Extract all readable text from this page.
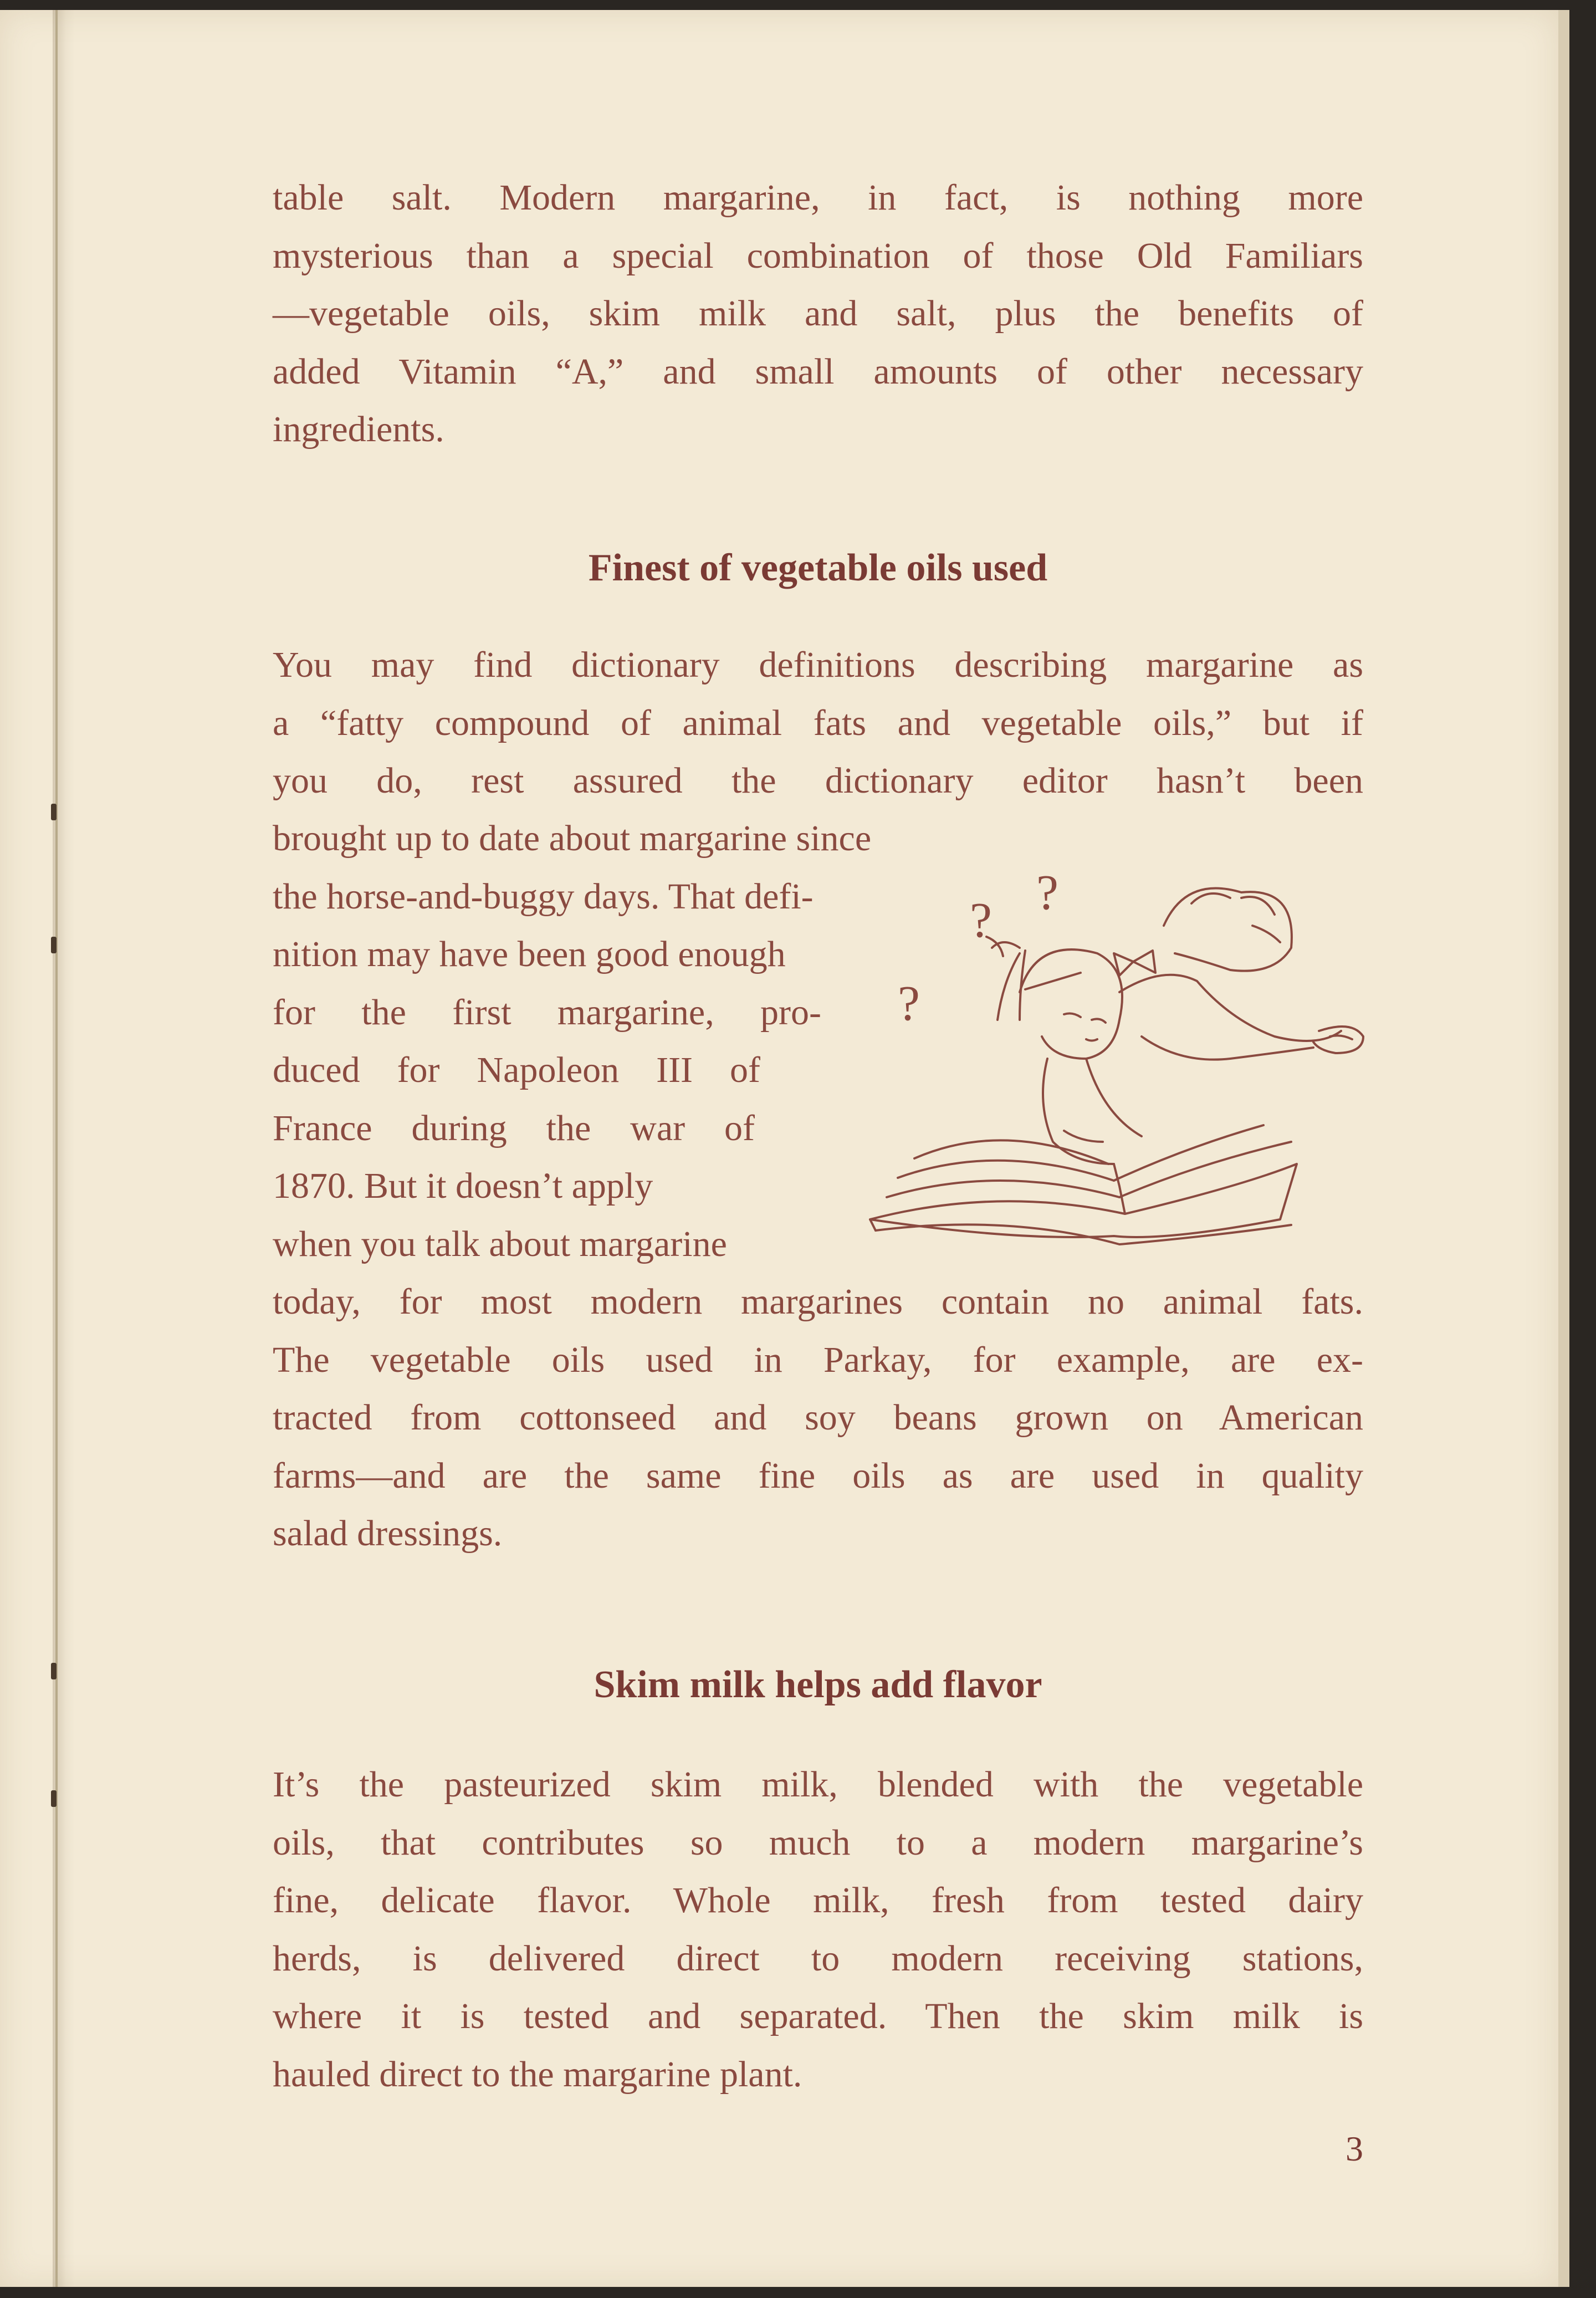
table salt. Modern margarine, in fact, is nothing more
mysterious than a special combination of those Old Familiars
—vegetable oils, skim milk and salt, plus the benefits of
added Vitamin “A,” and small amounts of other necessary
ingredients.
Finest of vegetable oils used
You may find dictionary definitions describing margarine as
a “fatty compound of animal fats and vegetable oils,” but if
you do, rest assured the dictionary editor hasn’t been
brought up to date about margarine since
the horse-and-buggy days. That defi-
nition may have been good enough
for the first margarine, pro-
duced for Napoleon III of
France during the war of
1870. But it doesn’t apply
when you talk about margarine
today, for most modern margarines contain no animal fats.
The vegetable oils used in Parkay, for example, are ex-
tracted from cottonseed and soy beans grown on American
farms—and are the same fine oils as are used in quality
salad dressings.
Skim milk helps add flavor
It’s the pasteurized skim milk, blended with the vegetable
oils, that contributes so much to a modern margarine’s
fine, delicate flavor. Whole milk, fresh from tested dairy
herds, is delivered direct to modern receiving stations,
where it is tested and separated. Then the skim milk is
hauled direct to the margarine plant.
?
?
?
3
